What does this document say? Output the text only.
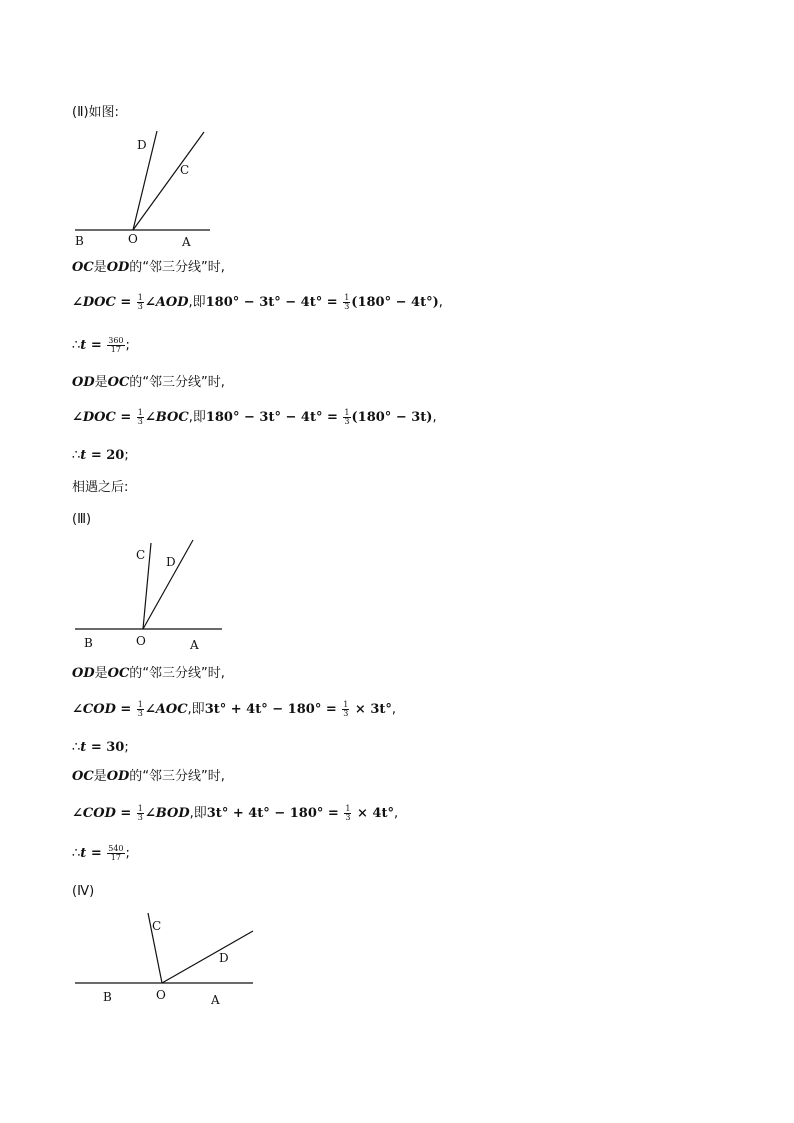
(Ⅱ)如图:
D
C
B	O	A
OC是OD的“邻三分线”时,
∠DOC = $\frac{1}{3}$ ∠AOD,即$180^\circ - 3t^\circ - 4t^\circ = \frac{1}{3} (180^\circ - 4t^\circ)$,
∴t = $\frac{360}{17}$ ;
OD是OC的“邻三分线”时,
∠DOC = $\frac{1}{3}$ ∠BOC,即$180^\circ - 3t^\circ - 4t^\circ = \frac{1}{3} (180^\circ - 3t)$,
∴t = 20;
相遇之后:
(Ⅲ)
C D
B	O	A
OD是OC的“邻三分线”时,
∠COD = $\frac{1}{3}$ ∠AOC,即$3t^\circ + 4t^\circ - 180^\circ = \frac{1}{3} \times 3t^\circ$,
∴t = 30;
OC是OD的“邻三分线”时,
∠COD = $\frac{1}{3}$ ∠BOD,即$3t^\circ + 4t^\circ - 180^\circ = \frac{1}{3} \times 4t^\circ$,
∴t = $\frac{540}{17}$ ;
(Ⅳ)
C
D
B	O	A
